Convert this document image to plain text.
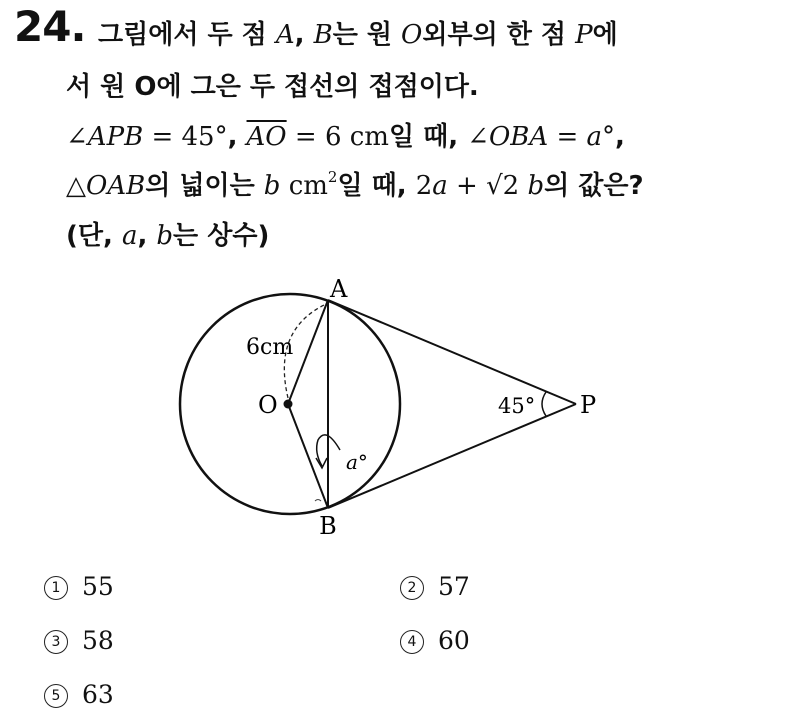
24. 그림에서 두 점 A, B는 원 O외부의 한 점 P에
서 원 O에 그은 두 접선의 접점이다.
∠APB = 45°, $\overline{AO} = 6$ cm일 때, ∠OBA = a°,
△OAB의 넓이는 b $cm^2$일 때, 2a + √2 b의 값은?
(단, a, b는 상수)
A
B
O	P
6cm
45°
a°
1 55	2 57
3 58	4 60
5 63
